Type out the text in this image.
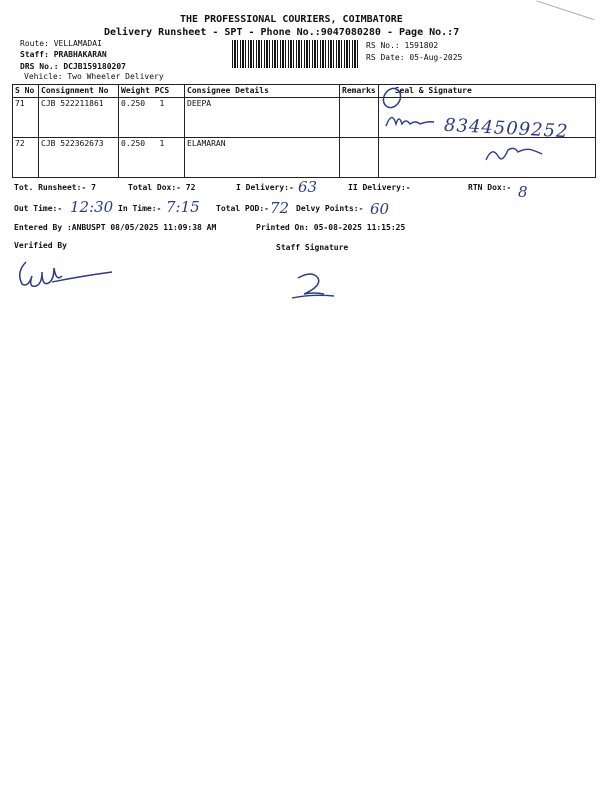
THE PROFESSIONAL COURIERS, COIMBATORE
Delivery Runsheet - SPT - Phone No.:9047080280 - Page No.:7
Route: VELLAMADAI
Staff: PRABHAKARAN
DRS No.: DCJB159180207
Vehicle: Two Wheeler Delivery
RS No.: 1591802
RS Date: 05-Aug-2025
S No	Consignment No	Weight PCS	Consignee Details	Remarks	Seal & Signature
71	CJB 522211861	0.250 1	DEEPA		
72	CJB 522362673	0.250 1	ELAMARAN		
8344509252
Tot. Runsheet:- 7	Total Dox:- 72	I Delivery:- 63	II Delivery:-	RTN Dox:- 8
Out Time:- 12:30 In Time:- 7:15 Total POD:- 72 Delvy Points:- 60
Entered By :ANBUSPT 08/05/2025 11:09:38 AM	Printed On: 05-08-2025 11:15:25
Verified By	Staff Signature
